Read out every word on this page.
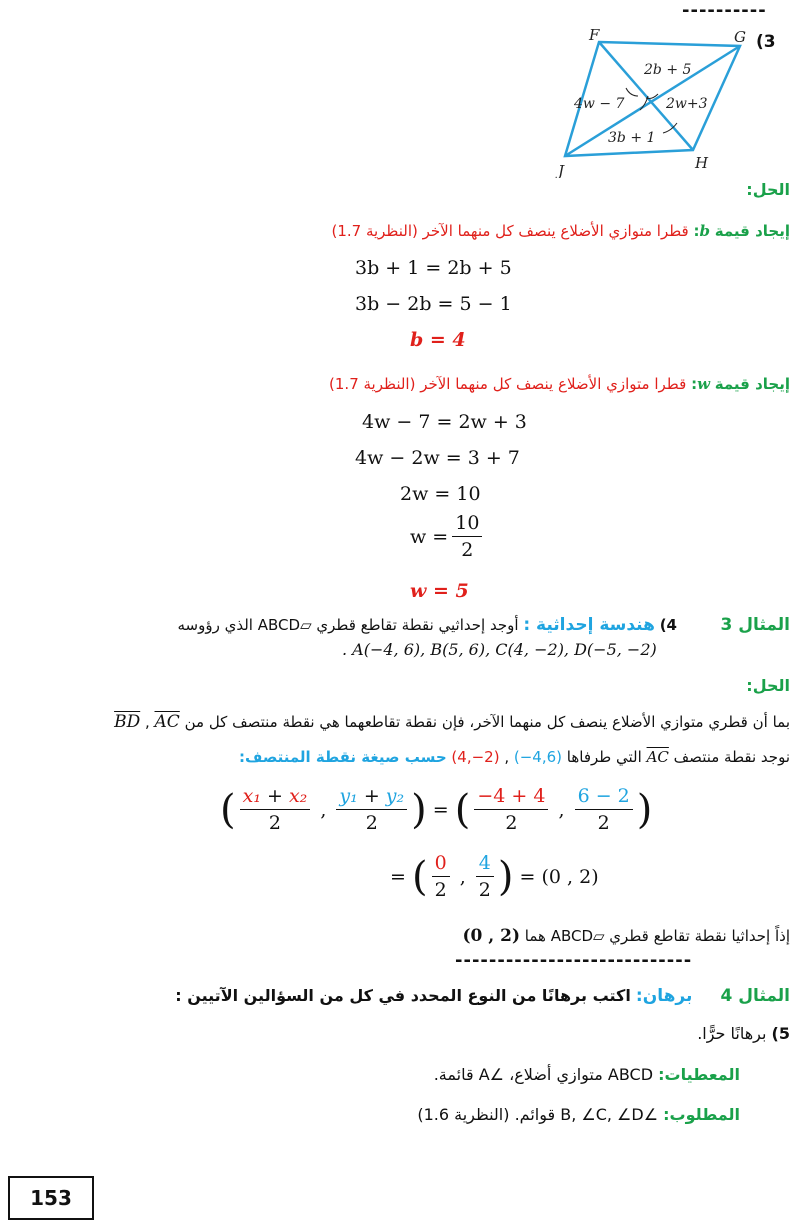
----------
(3
F	G
H
J
2b + 5
4w − 7	2w+3
3b + 1
الحل:
إيجاد قيمة b: قطرا متوازي الأضلاع ينصف كل منهما الآخر (النظرية 1.7)
3b + 1 = 2b + 5
3b − 2b = 5 − 1
b = 4
إيجاد قيمة w: قطرا متوازي الأضلاع ينصف كل منهما الآخر (النظرية 1.7)
4w − 7 = 2w + 3
4w − 2w = 3 + 7
2w = 10
$w = \frac{10}{2}$
w = 5
المثال 3  4) هندسة إحداثية : أوجد إحداثيي نقطة تقاطع قطري ▱ABCD الذي رؤوسه
. A(−4, 6), B(5, 6), C(4, −2), D(−5, −2)
الحل:
بما أن قطري متوازي الأضلاع ينصف كل منهما الآخر، فإن نقطة تقاطعهما هي نقطة منتصف كل من BD , AC
نوجد نقطة منتصف AC التي طرفاها (4,−2) , (−4,6) حسب صيغة نقطة المنتصف:
( $\frac{\text{x₁ + x₂}}{2}$ , $\frac{\text{y₁ + y₂}}{2}$ ) = ( $\frac{-4 + 4}{2}$ , $\frac{6 - 2}{2}$ )
= ( $\frac{0}{2}$ , $\frac{4}{2}$ ) = (0 , 2)
إذاً إحداثيا نقطة تقاطع قطري ▱ABCD هما (0 , 2)
----------------------------
المثال 4  برهان: اكتب برهانًا من النوع المحدد في كل من السؤالين الآتيين :
5) برهانًا حرًّا.
المعطيات: ABCD متوازي أضلاع، ∠A قائمة.
المطلوب: ∠B, ∠C, ∠D قوائم. (النظرية 1.6)
153
